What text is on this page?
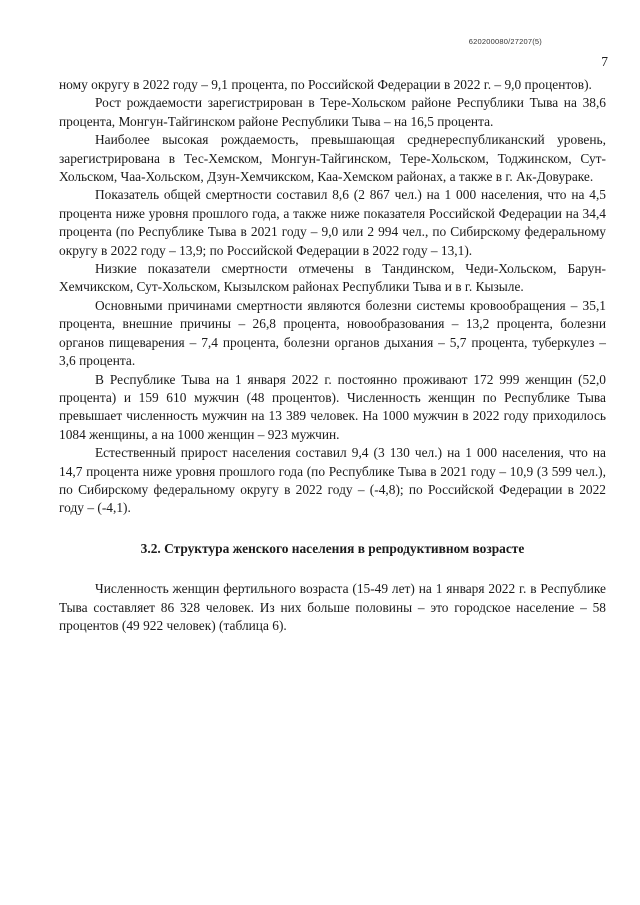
620200080/27207(5)
7

ному округу в 2022 году – 9,1 процента, по Российской Федерации в 2022 г. – 9,0 процентов).

Рост рождаемости зарегистрирован в Тере-Хольском районе Республики Тыва на 38,6 процента, Монгун-Тайгинском районе Республики Тыва – на 16,5 процента.

Наиболее высокая рождаемость, превышающая среднереспубликанский уровень, зарегистрирована в Тес-Хемском, Монгун-Тайгинском, Тере-Хольском, Тоджинском, Сут-Хольском, Чаа-Хольском, Дзун-Хемчикском, Каа-Хемском районах, а также в г. Ак-Довураке.

Показатель общей смертности составил 8,6 (2 867 чел.) на 1 000 населения, что на 4,5 процента ниже уровня прошлого года, а также ниже показателя Российской Федерации на 34,4 процента (по Республике Тыва в 2021 году – 9,0 или 2 994 чел., по Сибирскому федеральному округу в 2022 году – 13,9; по Российской Федерации в 2022 году – 13,1).

Низкие показатели смертности отмечены в Тандинском, Чеди-Хольском, Барун-Хемчикском, Сут-Хольском, Кызылском районах Республики Тыва и в г. Кызыле.

Основными причинами смертности являются болезни системы кровообращения – 35,1 процента, внешние причины – 26,8 процента, новообразования – 13,2 процента, болезни органов пищеварения – 7,4 процента, болезни органов дыхания – 5,7 процента, туберкулез – 3,6 процента.

В Республике Тыва на 1 января 2022 г. постоянно проживают 172 999 женщин (52,0 процента) и 159 610 мужчин (48 процентов). Численность женщин по Республике Тыва превышает численность мужчин на 13 389 человек. На 1000 мужчин в 2022 году приходилось 1084 женщины, а на 1000 женщин – 923 мужчин.

Естественный прирост населения составил 9,4 (3 130 чел.) на 1 000 населения, что на 14,7 процента ниже уровня прошлого года (по Республике Тыва в 2021 году – 10,9 (3 599 чел.), по Сибирскому федеральному округу в 2022 году – (-4,8); по Российской Федерации в 2022 году – (-4,1).

3.2. Структура женского населения в репродуктивном возрасте

Численность женщин фертильного возраста (15-49 лет) на 1 января 2022 г. в Республике Тыва составляет 86 328 человек. Из них больше половины – это городское население – 58 процентов (49 922 человек) (таблица 6).
